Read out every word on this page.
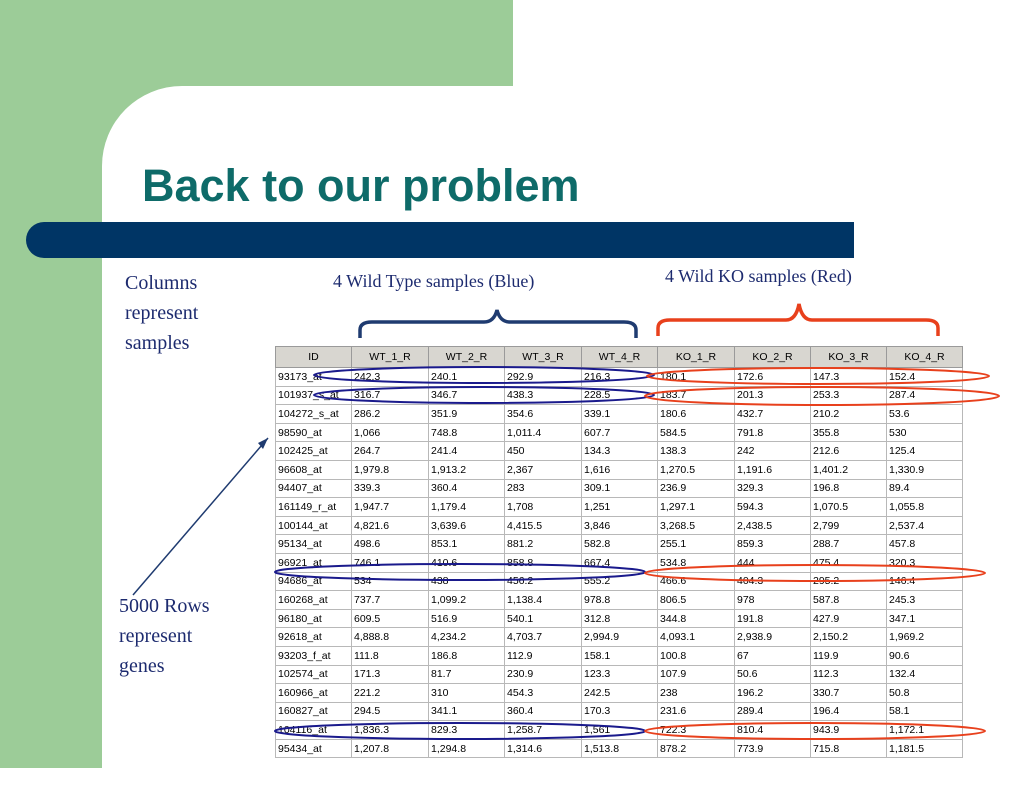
Back to our problem
Columns
represent
samples
5000 Rows
represent
genes
4 Wild Type samples (Blue)	4 Wild KO samples (Red)
ID	WT_1_R	WT_2_R	WT_3_R	WT_4_R	KO_1_R	KO_2_R	KO_3_R	KO_4_R
93173_at	242.3	240.1	292.9	216.3	180.1	172.6	147.3	152.4
101937_s_at	316.7	346.7	438.3	228.5	183.7	201.3	253.3	287.4
104272_s_at	286.2	351.9	354.6	339.1	180.6	432.7	210.2	53.6
98590_at	1,066	748.8	1,011.4	607.7	584.5	791.8	355.8	530
102425_at	264.7	241.4	450	134.3	138.3	242	212.6	125.4
96608_at	1,979.8	1,913.2	2,367	1,616	1,270.5	1,191.6	1,401.2	1,330.9
94407_at	339.3	360.4	283	309.1	236.9	329.3	196.8	89.4
161149_r_at	1,947.7	1,179.4	1,708	1,251	1,297.1	594.3	1,070.5	1,055.8
100144_at	4,821.6	3,639.6	4,415.5	3,846	3,268.5	2,438.5	2,799	2,537.4
95134_at	498.6	853.1	881.2	582.8	255.1	859.3	288.7	457.8
96921_at	746.1	410.6	858.8	667.4	534.8	444	475.4	320.3
94686_at	534	438	456.2	555.2	466.6	404.3	295.2	146.4
160268_at	737.7	1,099.2	1,138.4	978.8	806.5	978	587.8	245.3
96180_at	609.5	516.9	540.1	312.8	344.8	191.8	427.9	347.1
92618_at	4,888.8	4,234.2	4,703.7	2,994.9	4,093.1	2,938.9	2,150.2	1,969.2
93203_f_at	111.8	186.8	112.9	158.1	100.8	67	119.9	90.6
102574_at	171.3	81.7	230.9	123.3	107.9	50.6	112.3	132.4
160966_at	221.2	310	454.3	242.5	238	196.2	330.7	50.8
160827_at	294.5	341.1	360.4	170.3	231.6	289.4	196.4	58.1
104116_at	1,836.3	829.3	1,258.7	1,561	722.3	810.4	943.9	1,172.1
95434_at	1,207.8	1,294.8	1,314.6	1,513.8	878.2	773.9	715.8	1,181.5
